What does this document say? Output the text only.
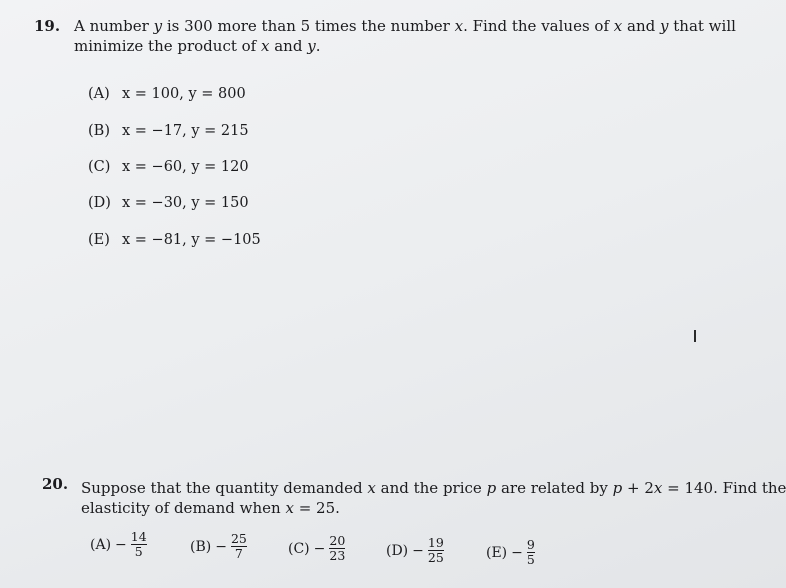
19. A number y is 300 more than 5 times the number x. Find the values of x and y that will
minimize the product of x and y.
(A) x = 100, y = 800
(B) x = −17, y = 215
(C) x = −60, y = 120
(D) x = −30, y = 150
(E) x = −81, y = −105
20. Suppose that the quantity demanded x and the price p are related by p + 2x = 140. Find the
elasticity of demand when x = 25.
$(A) - \frac{14}{5}$	$(B) - \frac{25}{7}$	$(C) - \frac{20}{23}$	$(D) - \frac{19}{25}$	$(E) - \frac{9}{5}$
